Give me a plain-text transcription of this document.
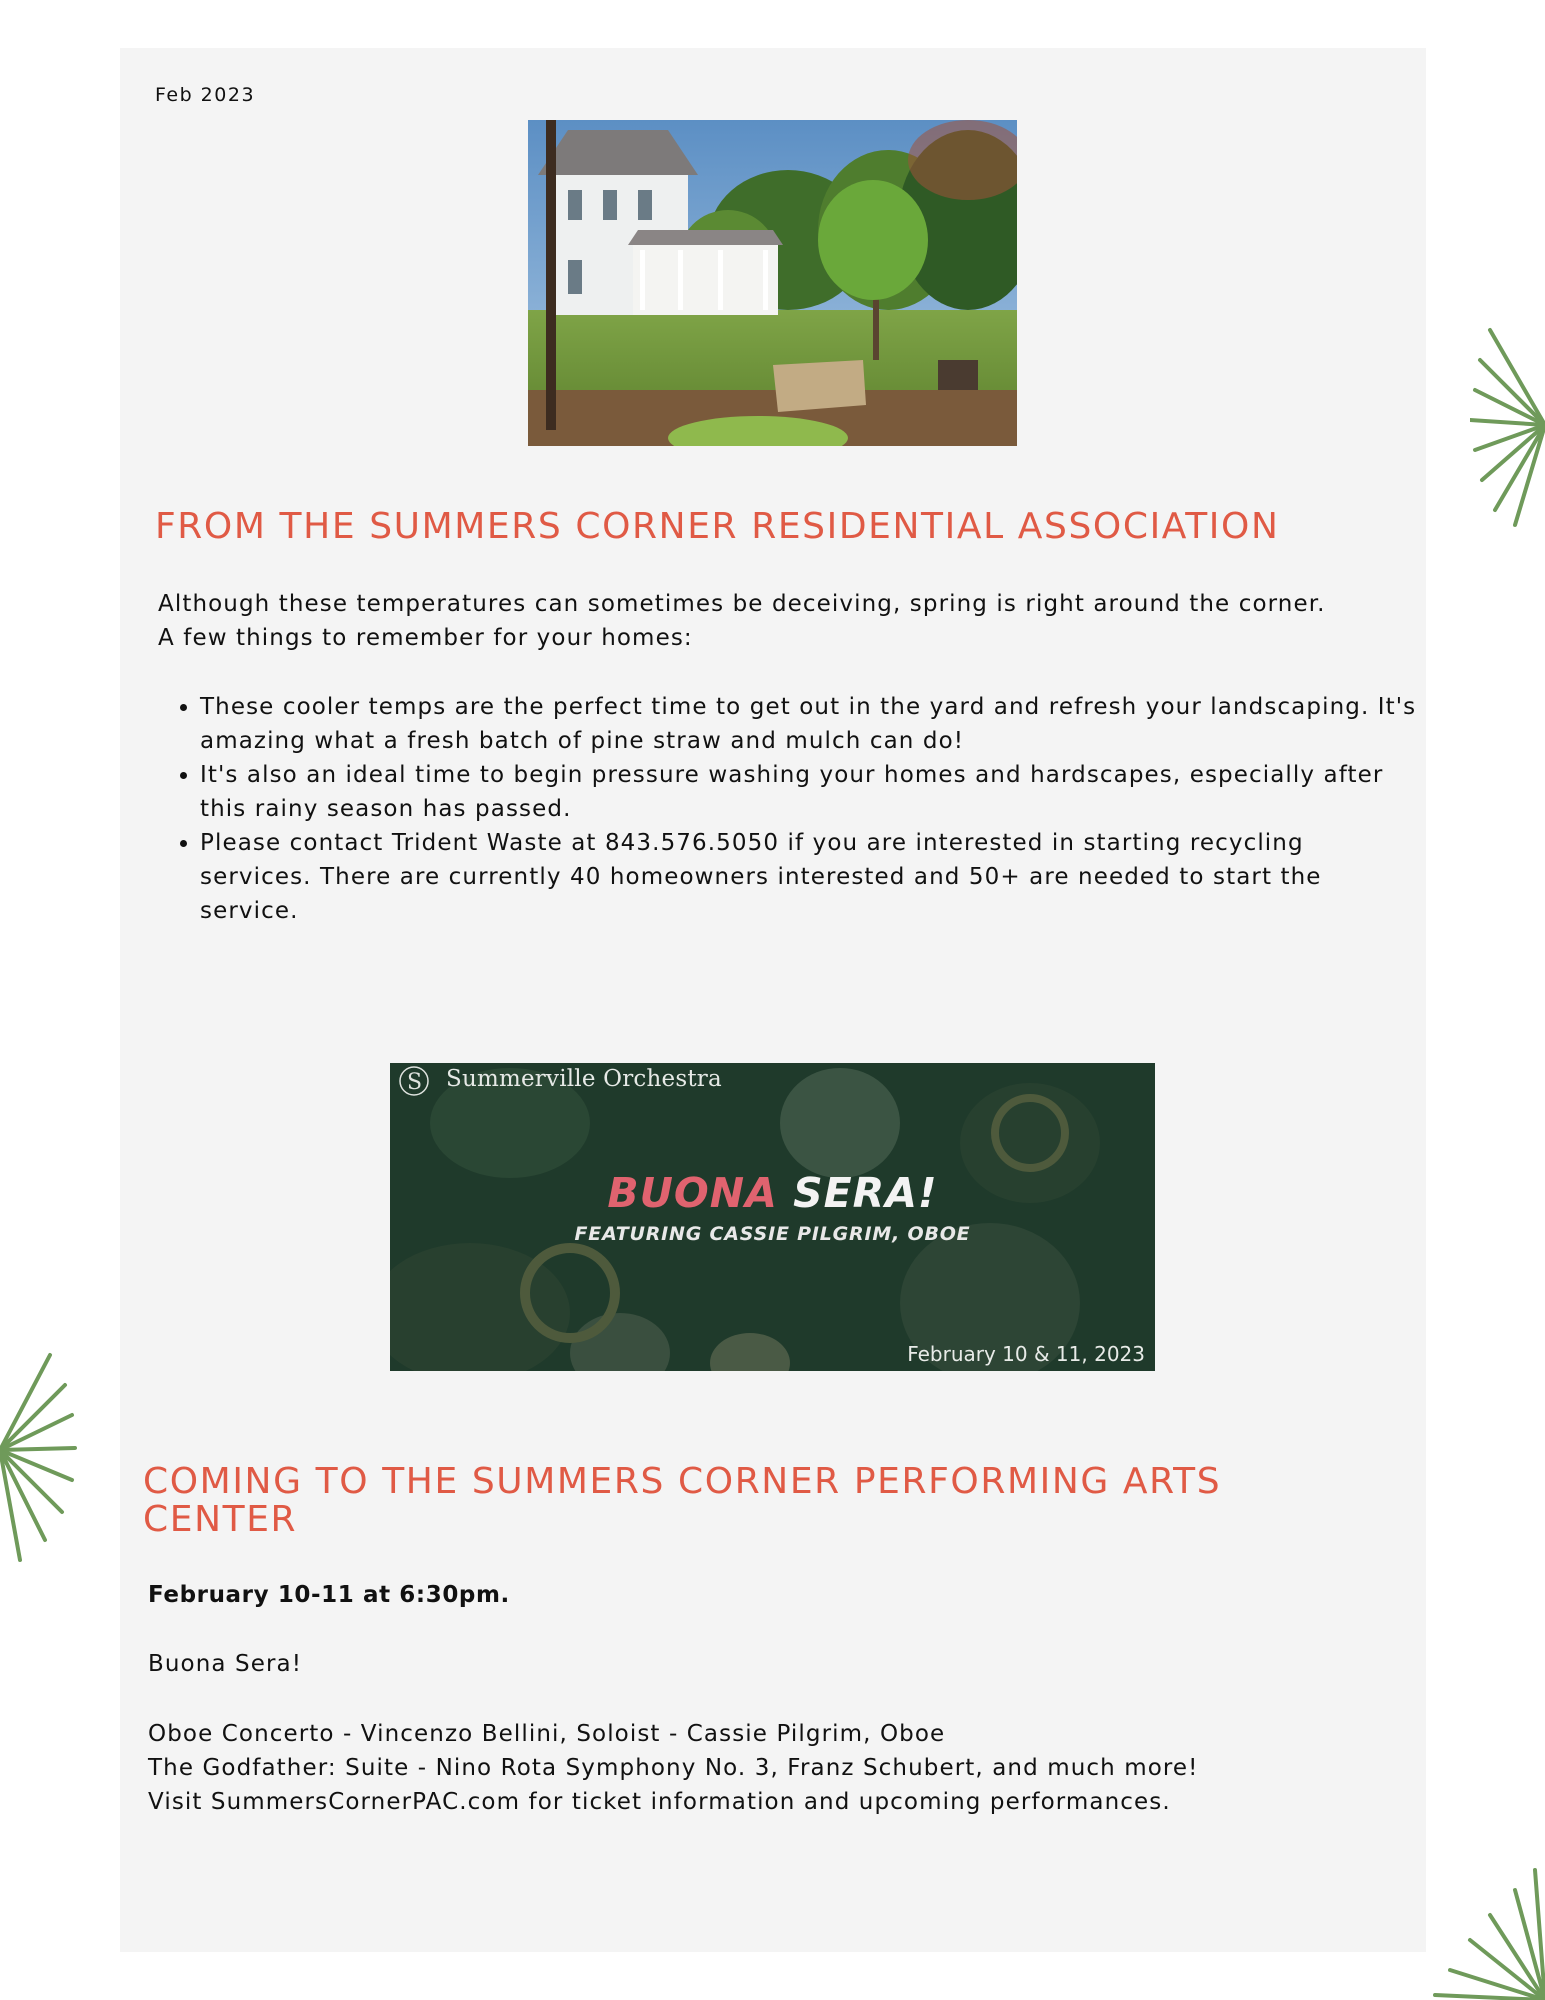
Feb 2023
FROM THE SUMMERS CORNER RESIDENTIAL ASSOCIATION

Although these temperatures can sometimes be deceiving, spring is right around the corner.
A few things to remember for your homes:

• These cooler temps are the perfect time to get out in the yard and refresh your landscaping. It's amazing what a fresh batch of pine straw and mulch can do!
• It's also an ideal time to begin pressure washing your homes and hardscapes, especially after this rainy season has passed.
• Please contact Trident Waste at 843.576.5050 if you are interested in starting recycling services. There are currently 40 homeowners interested and 50+ are needed to start the service.
S Summerville Orchestra
BUONA SERA!
FEATURING CASSIE PILGRIM, OBOE
February 10 & 11, 2023
COMING TO THE SUMMERS CORNER PERFORMING ARTS CENTER

February 10-11 at 6:30pm.

Buona Sera!

Oboe Concerto - Vincenzo Bellini, Soloist - Cassie Pilgrim, Oboe
The Godfather: Suite - Nino Rota Symphony No. 3, Franz Schubert, and much more!
Visit SummersCornerPAC.com for ticket information and upcoming performances.
